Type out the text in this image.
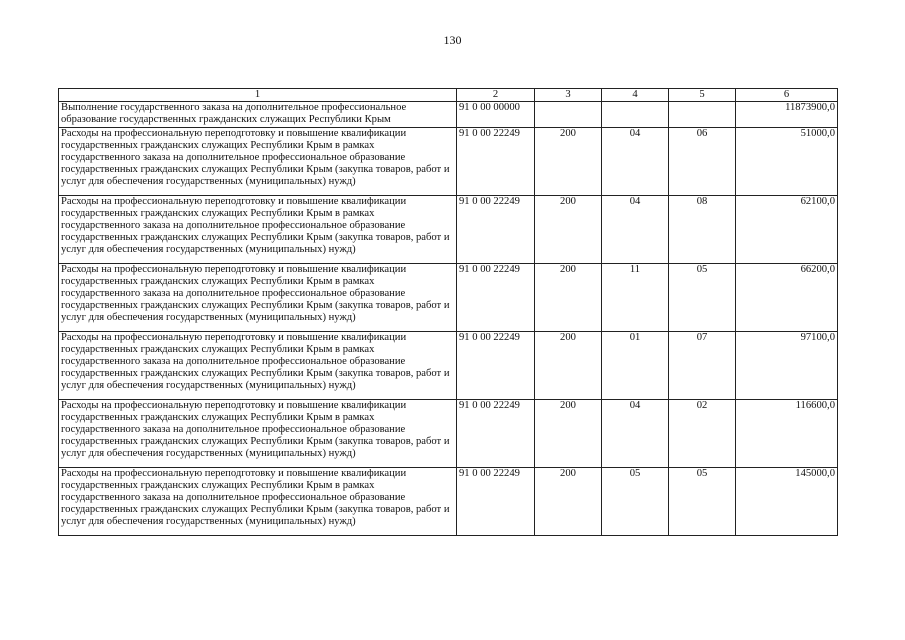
130
1	2	3	4	5	6
Выполнение государственного заказа на дополнительное профессиональное образование государственных гражданских служащих Республики Крым	91 0 00 00000				11873900,0
Расходы на профессиональную переподготовку и повышение квалификации государственных гражданских служащих Республики Крым в рамках государственного заказа на дополнительное профессиональное образование государственных гражданских служащих Республики Крым (закупка товаров, работ и услуг для обеспечения государственных (муниципальных) нужд)	91 0 00 22249	200	04	06	51000,0
Расходы на профессиональную переподготовку и повышение квалификации государственных гражданских служащих Республики Крым в рамках государственного заказа на дополнительное профессиональное образование государственных гражданских служащих Республики Крым (закупка товаров, работ и услуг для обеспечения государственных (муниципальных) нужд)	91 0 00 22249	200	04	08	62100,0
Расходы на профессиональную переподготовку и повышение квалификации государственных гражданских служащих Республики Крым в рамках государственного заказа на дополнительное профессиональное образование государственных гражданских служащих Республики Крым (закупка товаров, работ и услуг для обеспечения государственных (муниципальных) нужд)	91 0 00 22249	200	11	05	66200,0
Расходы на профессиональную переподготовку и повышение квалификации государственных гражданских служащих Республики Крым в рамках государственного заказа на дополнительное профессиональное образование государственных гражданских служащих Республики Крым (закупка товаров, работ и услуг для обеспечения государственных (муниципальных) нужд)	91 0 00 22249	200	01	07	97100,0
Расходы на профессиональную переподготовку и повышение квалификации государственных гражданских служащих Республики Крым в рамках государственного заказа на дополнительное профессиональное образование государственных гражданских служащих Республики Крым (закупка товаров, работ и услуг для обеспечения государственных (муниципальных) нужд)	91 0 00 22249	200	04	02	116600,0
Расходы на профессиональную переподготовку и повышение квалификации государственных гражданских служащих Республики Крым в рамках государственного заказа на дополнительное профессиональное образование государственных гражданских служащих Республики Крым (закупка товаров, работ и услуг для обеспечения государственных (муниципальных) нужд)	91 0 00 22249	200	05	05	145000,0
